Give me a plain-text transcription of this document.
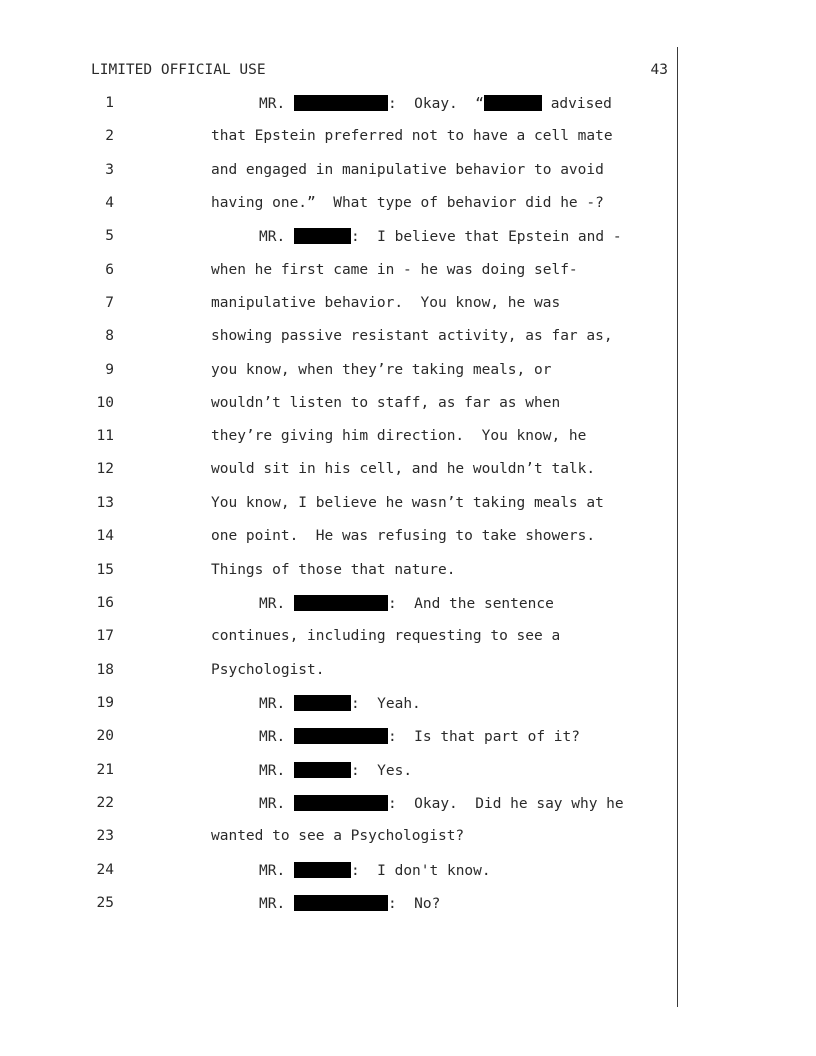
LIMITED OFFICIAL USE	43
1	MR.	:  Okay.  “	advised
2	that Epstein preferred not to have a cell mate
3	and engaged in manipulative behavior to avoid
4	having one.”  What type of behavior did he -?
5	MR.	:  I believe that Epstein and -
6	when he first came in - he was doing self-
7	manipulative behavior.  You know, he was
8	showing passive resistant activity, as far as,
9	you know, when they’re taking meals, or
10	wouldn’t listen to staff, as far as when
11	they’re giving him direction.  You know, he
12	would sit in his cell, and he wouldn’t talk.
13	You know, I believe he wasn’t taking meals at
14	one point.  He was refusing to take showers.
15	Things of those that nature.
16	MR.	:  And the sentence
17	continues, including requesting to see a
18	Psychologist.
19	MR.	:  Yeah.
20	MR.	:  Is that part of it?
21	MR.	:  Yes.
22	MR.	:  Okay.  Did he say why he
23	wanted to see a Psychologist?
24	MR.	:  I don't know.
25	MR.	:  No?
